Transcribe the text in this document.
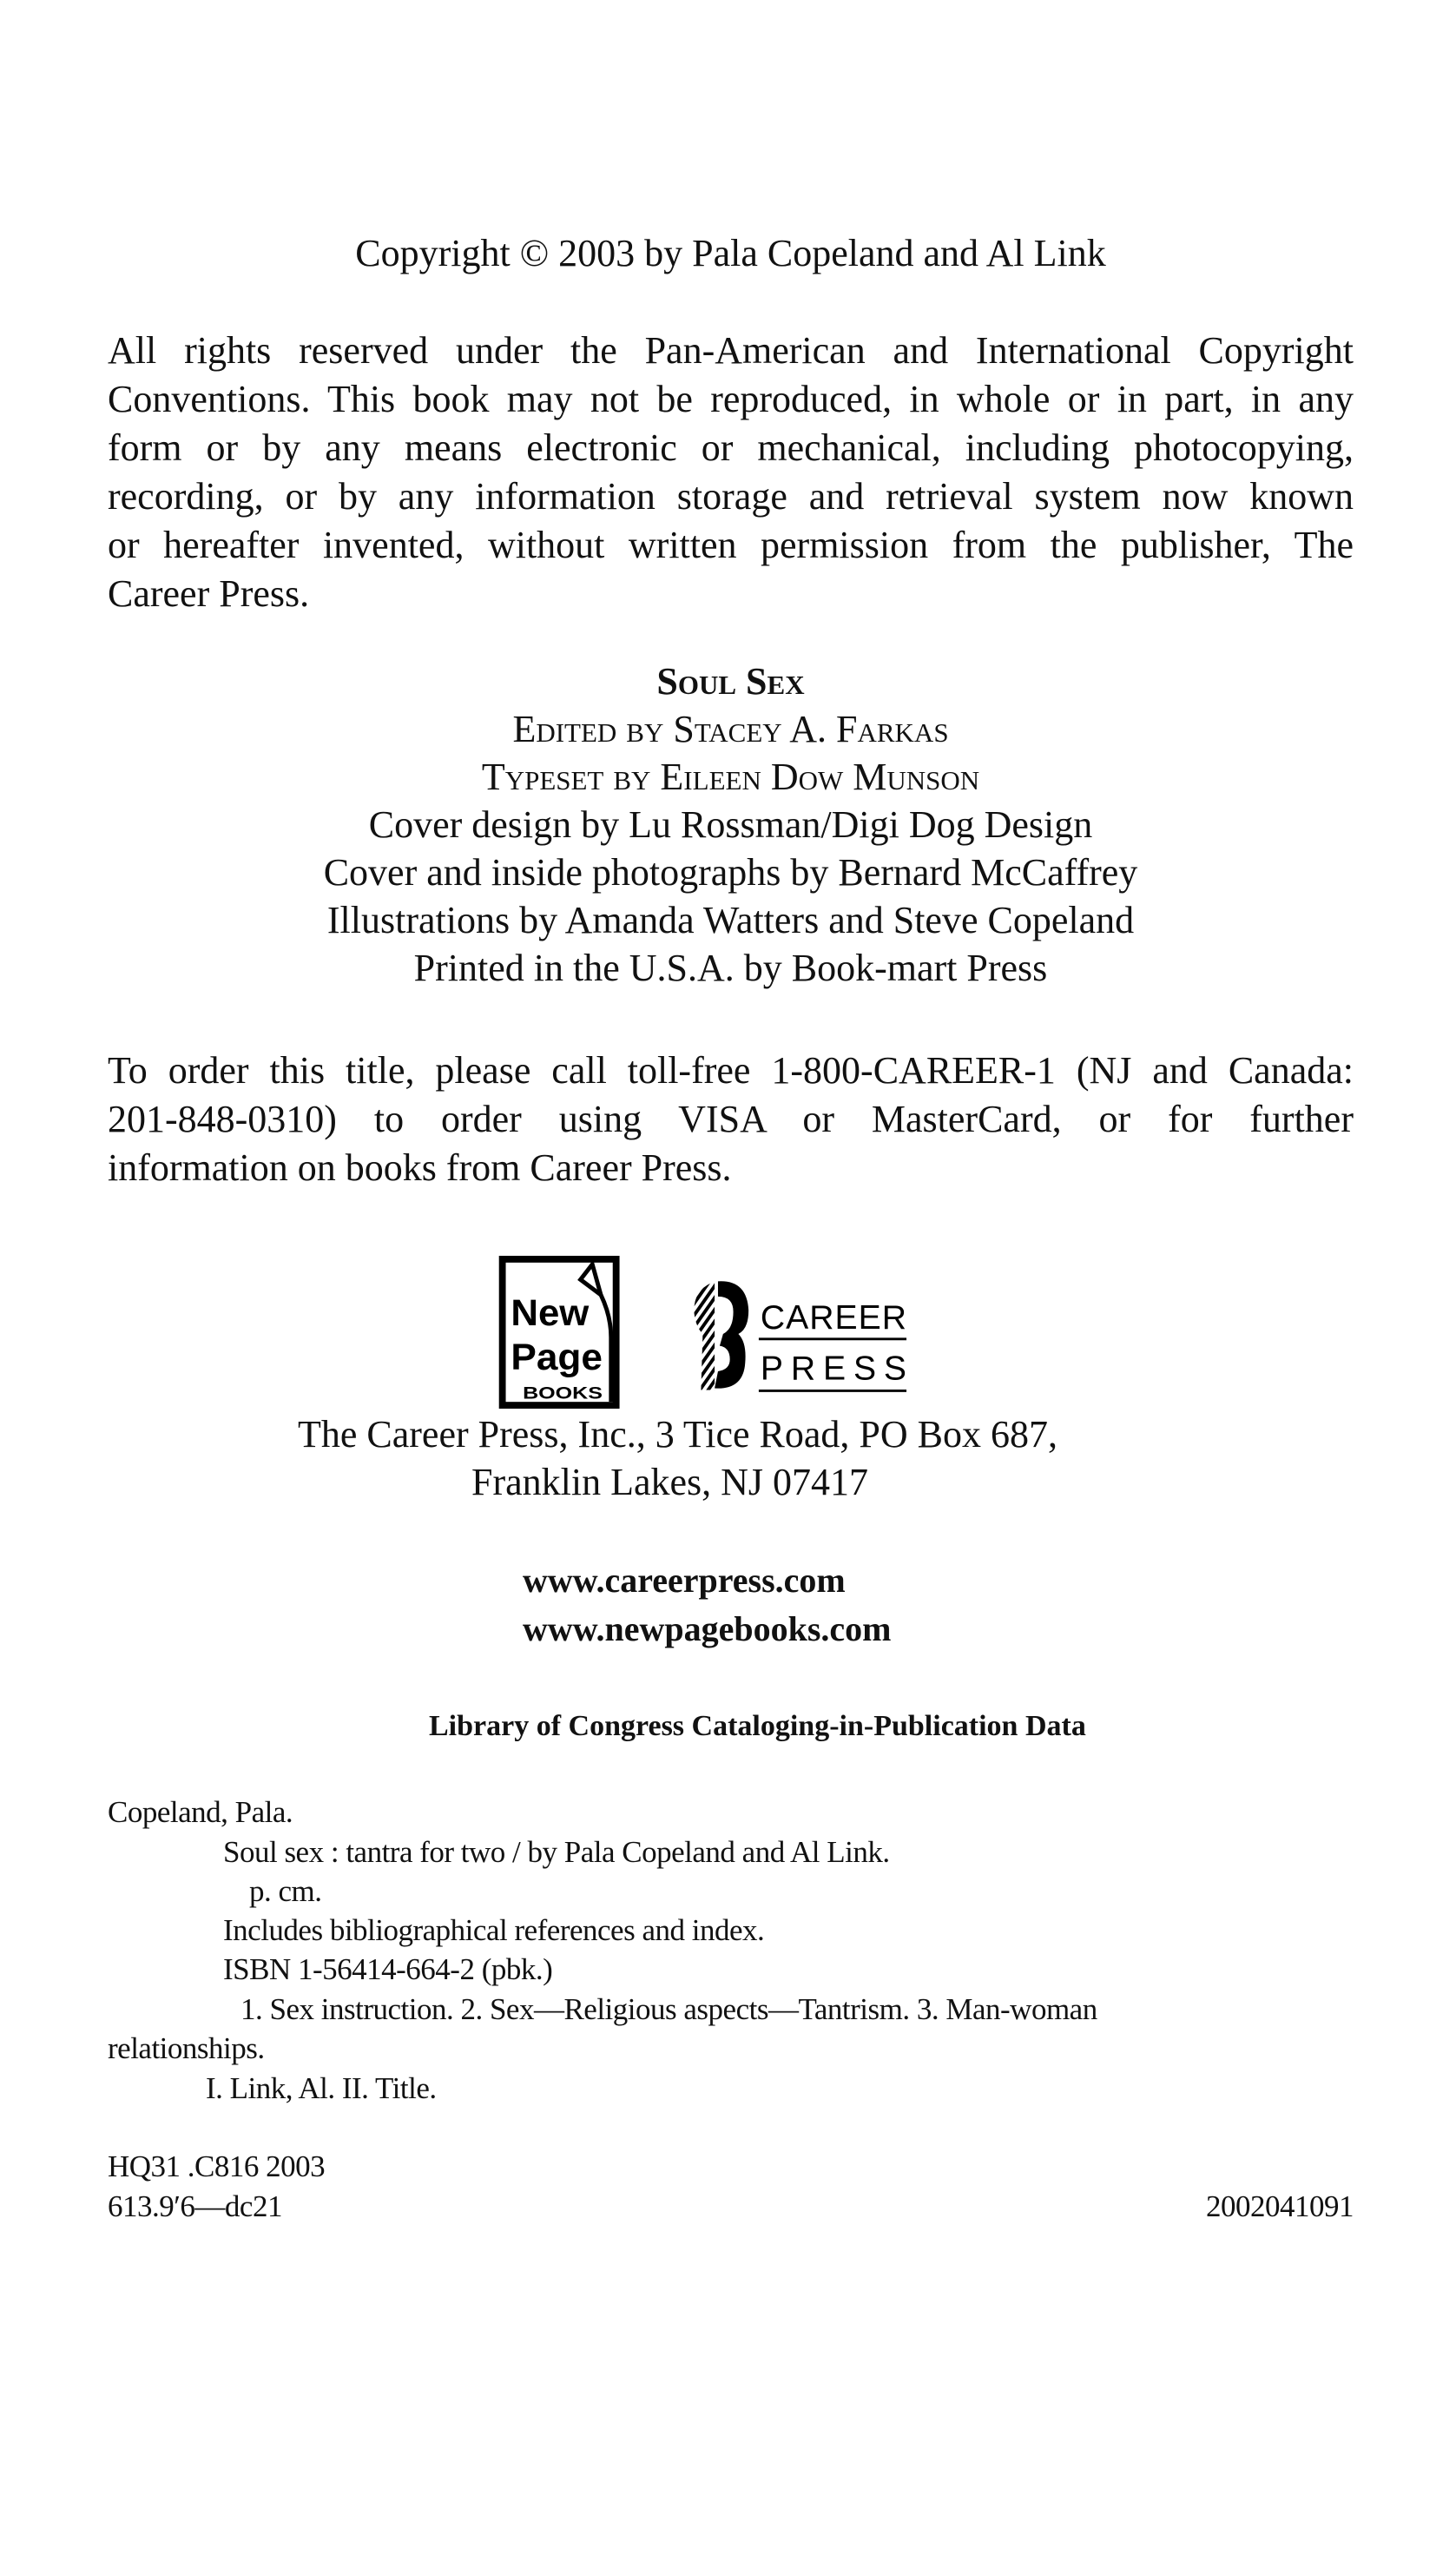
Copyright © 2003 by Pala Copeland and Al Link
All rights reserved under the Pan-American and International Copyright
Conventions. This book may not be reproduced, in whole or in part, in any
form or by any means electronic or mechanical, including photocopying,
recording, or by any information storage and retrieval system now known
or hereafter invented, without written permission from the publisher, The
Career Press.
Soul Sex
Edited by Stacey A. Farkas
Typeset by Eileen Dow Munson
Cover design by Lu Rossman/Digi Dog Design
Cover and inside photographs by Bernard McCaffrey
Illustrations by Amanda Watters and Steve Copeland
Printed in the U.S.A. by Book-mart Press
To order this title, please call toll-free 1-800-CAREER-1 (NJ and Canada:
201-848-0310) to order using VISA or MasterCard, or for further
information on books from Career Press.
New
Page
BOOKS
CAREER
PRESS
The Career Press, Inc., 3 Tice Road, PO Box 687,
Franklin Lakes, NJ 07417
www.careerpress.com
www.newpagebooks.com
Library of Congress Cataloging-in-Publication Data
Copeland, Pala.
Soul sex : tantra for two / by Pala Copeland and Al Link.
p. cm.
Includes bibliographical references and index.
ISBN 1-56414-664-2 (pbk.)
1. Sex instruction. 2. Sex—Religious aspects—Tantrism. 3. Man-woman
relationships.
I. Link, Al. II. Title.
HQ31 .C816 2003
613.9′6—dc21	2002041091
